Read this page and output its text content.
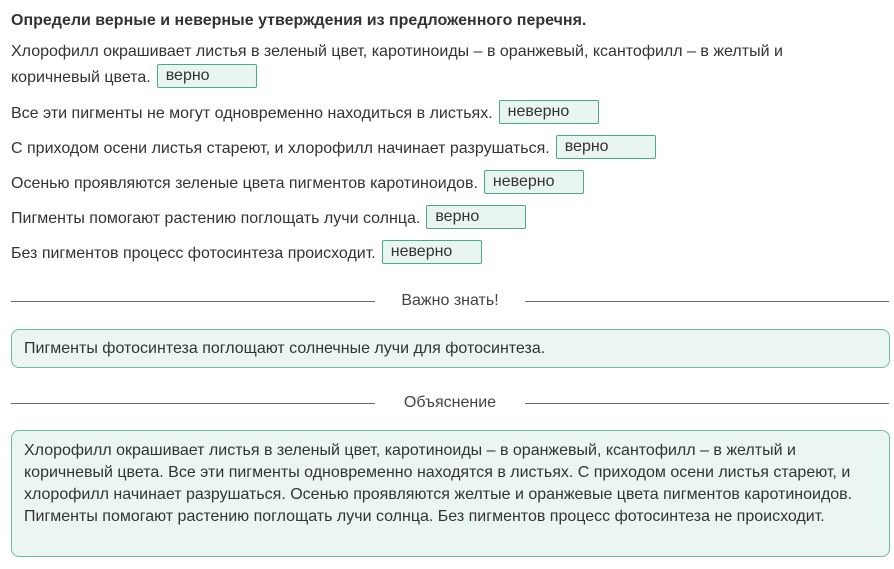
Определи верные и неверные утверждения из предложенного перечня.
Хлорофилл окрашивает листья в зеленый цвет, каротиноиды – в оранжевый, ксантофилл – в желтый и коричневый цвета. верно
Все эти пигменты не могут одновременно находиться в листьях. неверно
С приходом осени листья стареют, и хлорофилл начинает разрушаться. верно
Осенью проявляются зеленые цвета пигментов каротиноидов. неверно
Пигменты помогают растению поглощать лучи солнца. верно
Без пигментов процесс фотосинтеза происходит. неверно
Важно знать!
Пигменты фотосинтеза поглощают солнечные лучи для фотосинтеза.
Объяснение
Хлорофилл окрашивает листья в зеленый цвет, каротиноиды – в оранжевый, ксантофилл – в желтый и коричневый цвета. Все эти пигменты одновременно находятся в листьях. С приходом осени листья стареют, и хлорофилл начинает разрушаться. Осенью проявляются желтые и оранжевые цвета пигментов каротиноидов. Пигменты помогают растению поглощать лучи солнца. Без пигментов процесс фотосинтеза не происходит.
